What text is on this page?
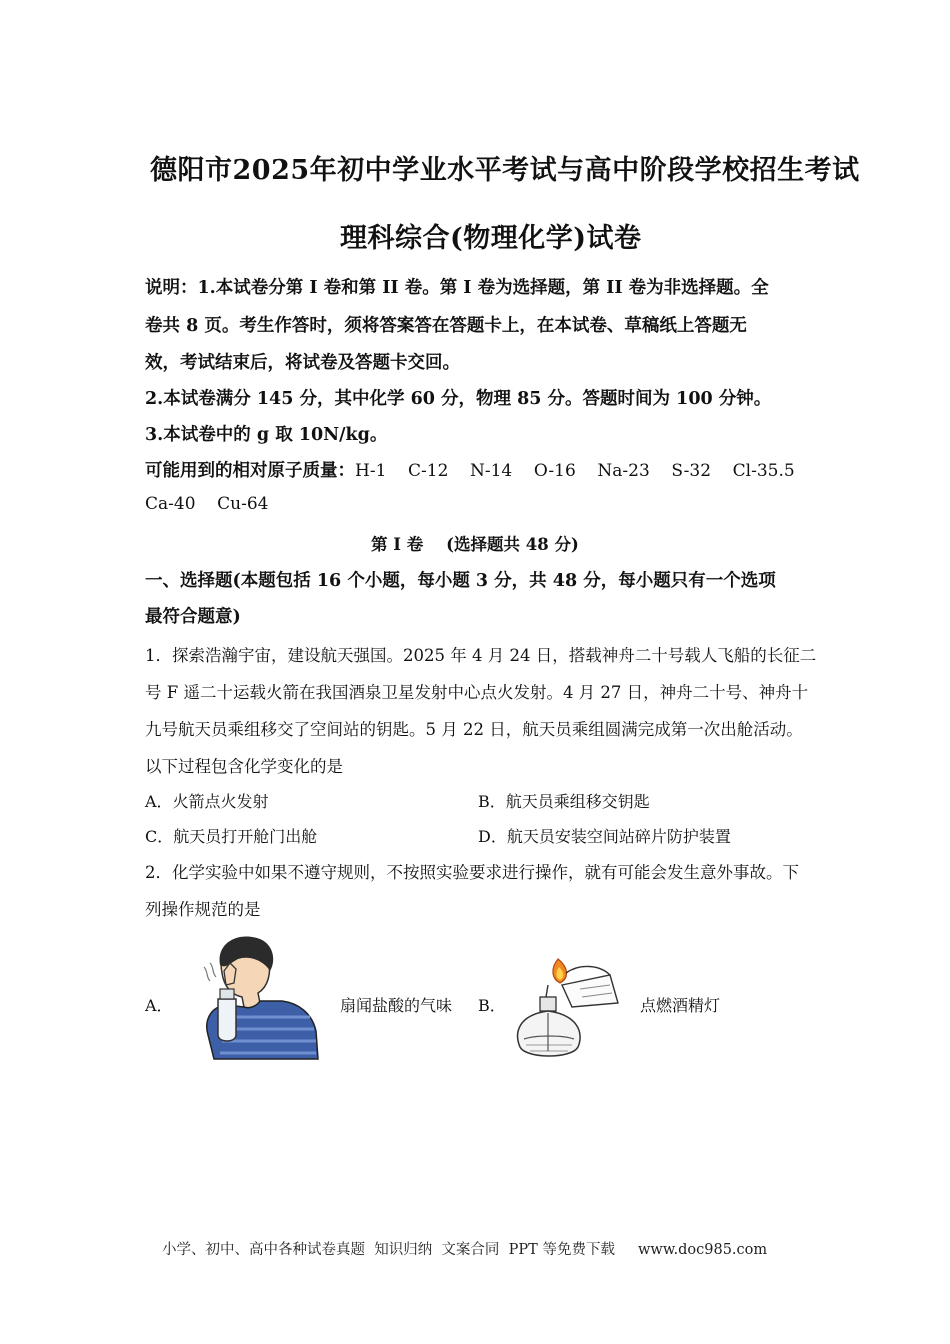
德阳市2025年初中学业水平考试与高中阶段学校招生考试
理科综合(物理化学)试卷
说明：1.本试卷分第 I 卷和第 II 卷。第 I 卷为选择题，第 II 卷为非选择题。全
卷共 8 页。考生作答时，须将答案答在答题卡上，在本试卷、草稿纸上答题无
效，考试结束后，将试卷及答题卡交回。
2.本试卷满分 145 分，其中化学 60 分，物理 85 分。答题时间为 100 分钟。
3.本试卷中的 g 取 10N/kg。
可能用到的相对原子质量：H-1    C-12    N-14    O-16    Na-23    S-32    Cl-35.5
Ca-40    Cu-64
第 I 卷    (选择题共 48 分)
一、选择题(本题包括 16 个小题，每小题 3 分，共 48 分，每小题只有一个选项
最符合题意)
1．探索浩瀚宇宙，建设航天强国。2025 年 4 月 24 日，搭载神舟二十号载人飞船的长征二
号 F 遥二十运载火箭在我国酒泉卫星发射中心点火发射。4 月 27 日，神舟二十号、神舟十
九号航天员乘组移交了空间站的钥匙。5 月 22 日，航天员乘组圆满完成第一次出舱活动。
以下过程包含化学变化的是
A．火箭点火发射	B．航天员乘组移交钥匙
C．航天员打开舱门出舱	D．航天员安装空间站碎片防护装置
2．化学实验中如果不遵守规则，不按照实验要求进行操作，就有可能会发生意外事故。下
列操作规范的是
A．	扇闻盐酸的气味 B．	点燃酒精灯
小学、初中、高中各种试卷真题  知识归纳  文案合同  PPT 等免费下载     www.doc985.com
